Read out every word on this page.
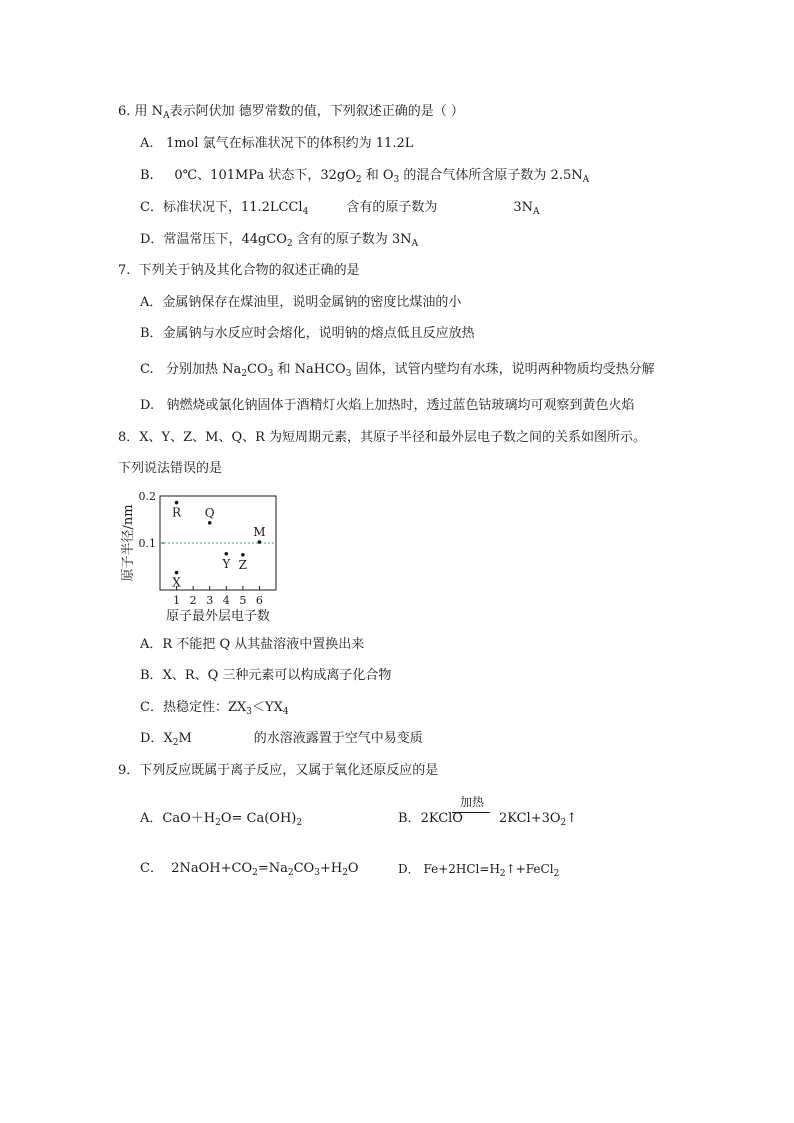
6. 用 $N_A$表示阿伏加 德罗常数的值，下列叙述正确的是（ ）
A. 1mol 氯气在标准状况下的体积约为 11.2L
B. 0℃、101MPa 状态下，$32gO_2$ 和 $O_3$ 的混合气体所含原子数为 $2.5N_A$
C．标准状况下，11.2LCCl$_4$	含有的原子数为	$3N_A$
D．常温常压下，44gCO$_2$ 含有的原子数为 $3N_A$
7. 下列关于钠及其化合物的叙述正确的是
A．金属钠保存在煤油里，说明金属钠的密度比煤油的小
B．金属钠与水反应时会熔化，说明钠的熔点低且反应放热
C. 分别加热 $Na_2CO_3$ 和 NaHCO$_3$ 固体，试管内壁均有水珠，说明两种物质均受热分解
D. 钠燃烧或氯化钠固体于酒精灯火焰上加热时，透过蓝色钴玻璃均可观察到黄色火焰
8．X、Y、Z、M、Q、R 为短周期元素，其原子半径和最外层电子数之间的关系如图所示。
下列说法错误的是
0.1
0.2
1 2 3 4 5 6
X
R Q
Y Z
M
原子最外层电子数
原子半径/nm
A．R 不能把 Q 从其盐溶液中置换出来
B．X、R、Q 三种元素可以构成离子化合物
C．热稳定性：$ZX_3<YX_4$
D．$X_2M$	的水溶液露置于空气中易变质
9．下列反应既属于离子反应，又属于氧化还原反应的是
A．$CaO+H_2O= Ca(OH)_2$
加热
B．2KClO	$2KCl+3O_2↑$
C． $2NaOH+CO_2=Na_2CO_3+H_2O$	D． $Fe+2HCl=H_2↑+FeCl_2$
